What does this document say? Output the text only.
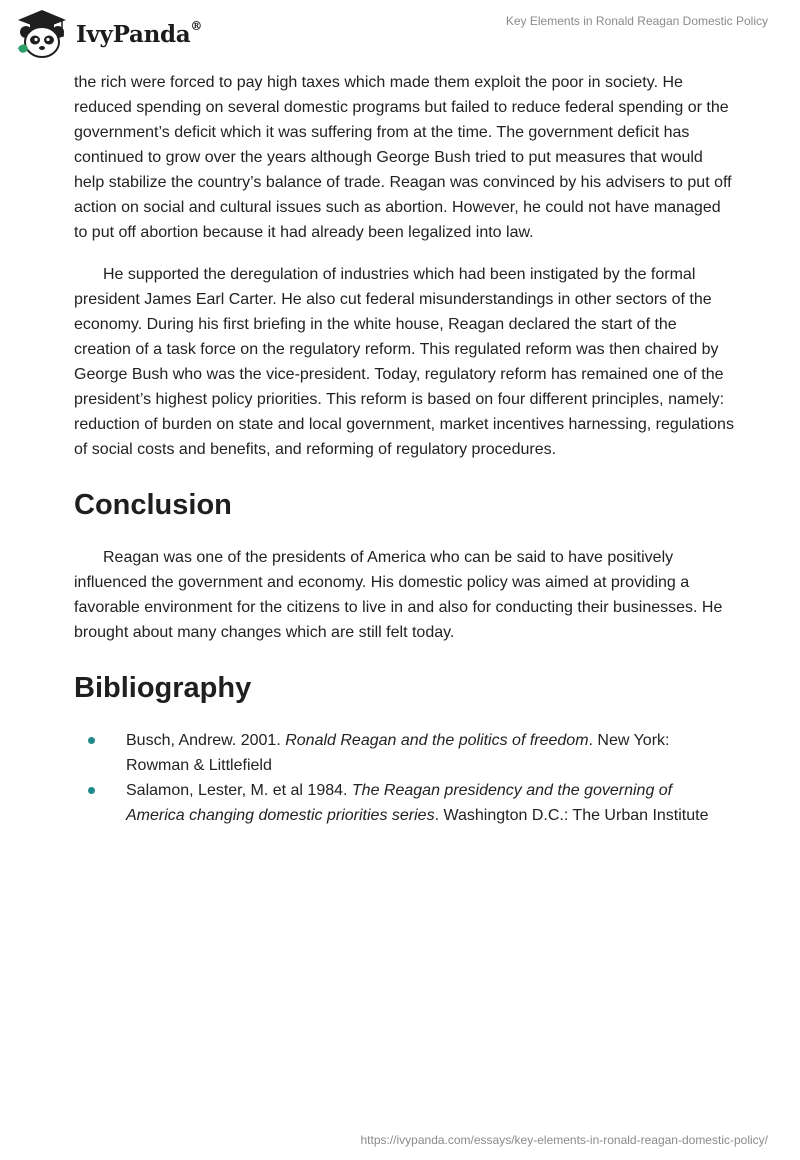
IvyPanda®	Key Elements in Ronald Reagan Domestic Policy

the rich were forced to pay high taxes which made them exploit the poor in society. He reduced spending on several domestic programs but failed to reduce federal spending or the government’s deficit which it was suffering from at the time. The government deficit has continued to grow over the years although George Bush tried to put measures that would help stabilize the country’s balance of trade. Reagan was convinced by his advisers to put off action on social and cultural issues such as abortion. However, he could not have managed to put off abortion because it had already been legalized into law.

He supported the deregulation of industries which had been instigated by the formal president James Earl Carter. He also cut federal misunderstandings in other sectors of the economy. During his first briefing in the white house, Reagan declared the start of the creation of a task force on the regulatory reform. This regulated reform was then chaired by George Bush who was the vice-president. Today, regulatory reform has remained one of the president’s highest policy priorities. This reform is based on four different principles, namely: reduction of burden on state and local government, market incentives harnessing, regulations of social costs and benefits, and reforming of regulatory procedures.

Conclusion

Reagan was one of the presidents of America who can be said to have positively influenced the government and economy. His domestic policy was aimed at providing a favorable environment for the citizens to live in and also for conducting their businesses. He brought about many changes which are still felt today.

Bibliography
Busch, Andrew. 2001. Ronald Reagan and the politics of freedom. New York: Rowman & Littlefield
Salamon, Lester, M. et al 1984. The Reagan presidency and the governing of America changing domestic priorities series. Washington D.C.: The Urban Institute
https://ivypanda.com/essays/key-elements-in-ronald-reagan-domestic-policy/
